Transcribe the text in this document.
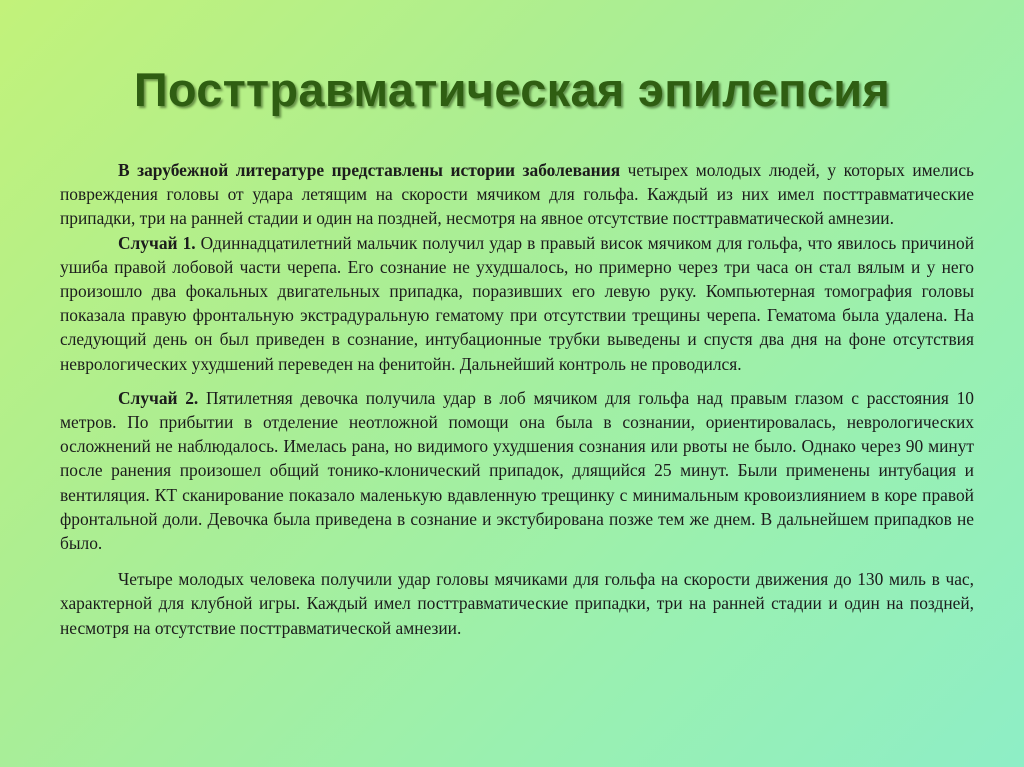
Посттравматическая эпилепсия

В зарубежной литературе представлены истории заболевания четырех молодых людей, у которых имелись повреждения головы от удара летящим на скорости мячиком для гольфа. Каждый из них имел посттравматические припадки, три на ранней стадии и один на поздней, несмотря на явное отсутствие посттравматической амнезии.

Случай 1. Одиннадцатилетний мальчик получил удар в правый висок мячиком для гольфа, что явилось причиной ушиба правой лобовой части черепа. Его сознание не ухудшалось, но примерно через три часа он стал вялым и у него произошло два фокальных двигательных припадка, поразивших его левую руку. Компьютерная томография головы показала правую фронтальную экстрадуральную гематому при отсутствии трещины черепа. Гематома была удалена. На следующий день он был приведен в сознание, интубационные трубки выведены и спустя два дня на фоне отсутствия неврологических ухудшений переведен на фенитойн. Дальнейший контроль не проводился.

Случай 2. Пятилетняя девочка получила удар в лоб мячиком для гольфа над правым глазом с расстояния 10 метров. По прибытии в отделение неотложной помощи она была в сознании, ориентировалась, неврологических осложнений не наблюдалось. Имелась рана, но видимого ухудшения сознания или рвоты не было. Однако через 90 минут после ранения произошел общий тонико-клонический припадок, длящийся 25 минут. Были применены интубация и вентиляция. КТ сканирование показало маленькую вдавленную трещинку с минимальным кровоизлиянием в коре правой фронтальной доли. Девочка была приведена в сознание и экстубирована позже тем же днем. В дальнейшем припадков не было.

Четыре молодых человека получили удар головы мячиками для гольфа на скорости движения до 130 миль в час, характерной для клубной игры. Каждый имел посттравматические припадки, три на ранней стадии и один на поздней, несмотря на отсутствие посттравматической амнезии.
